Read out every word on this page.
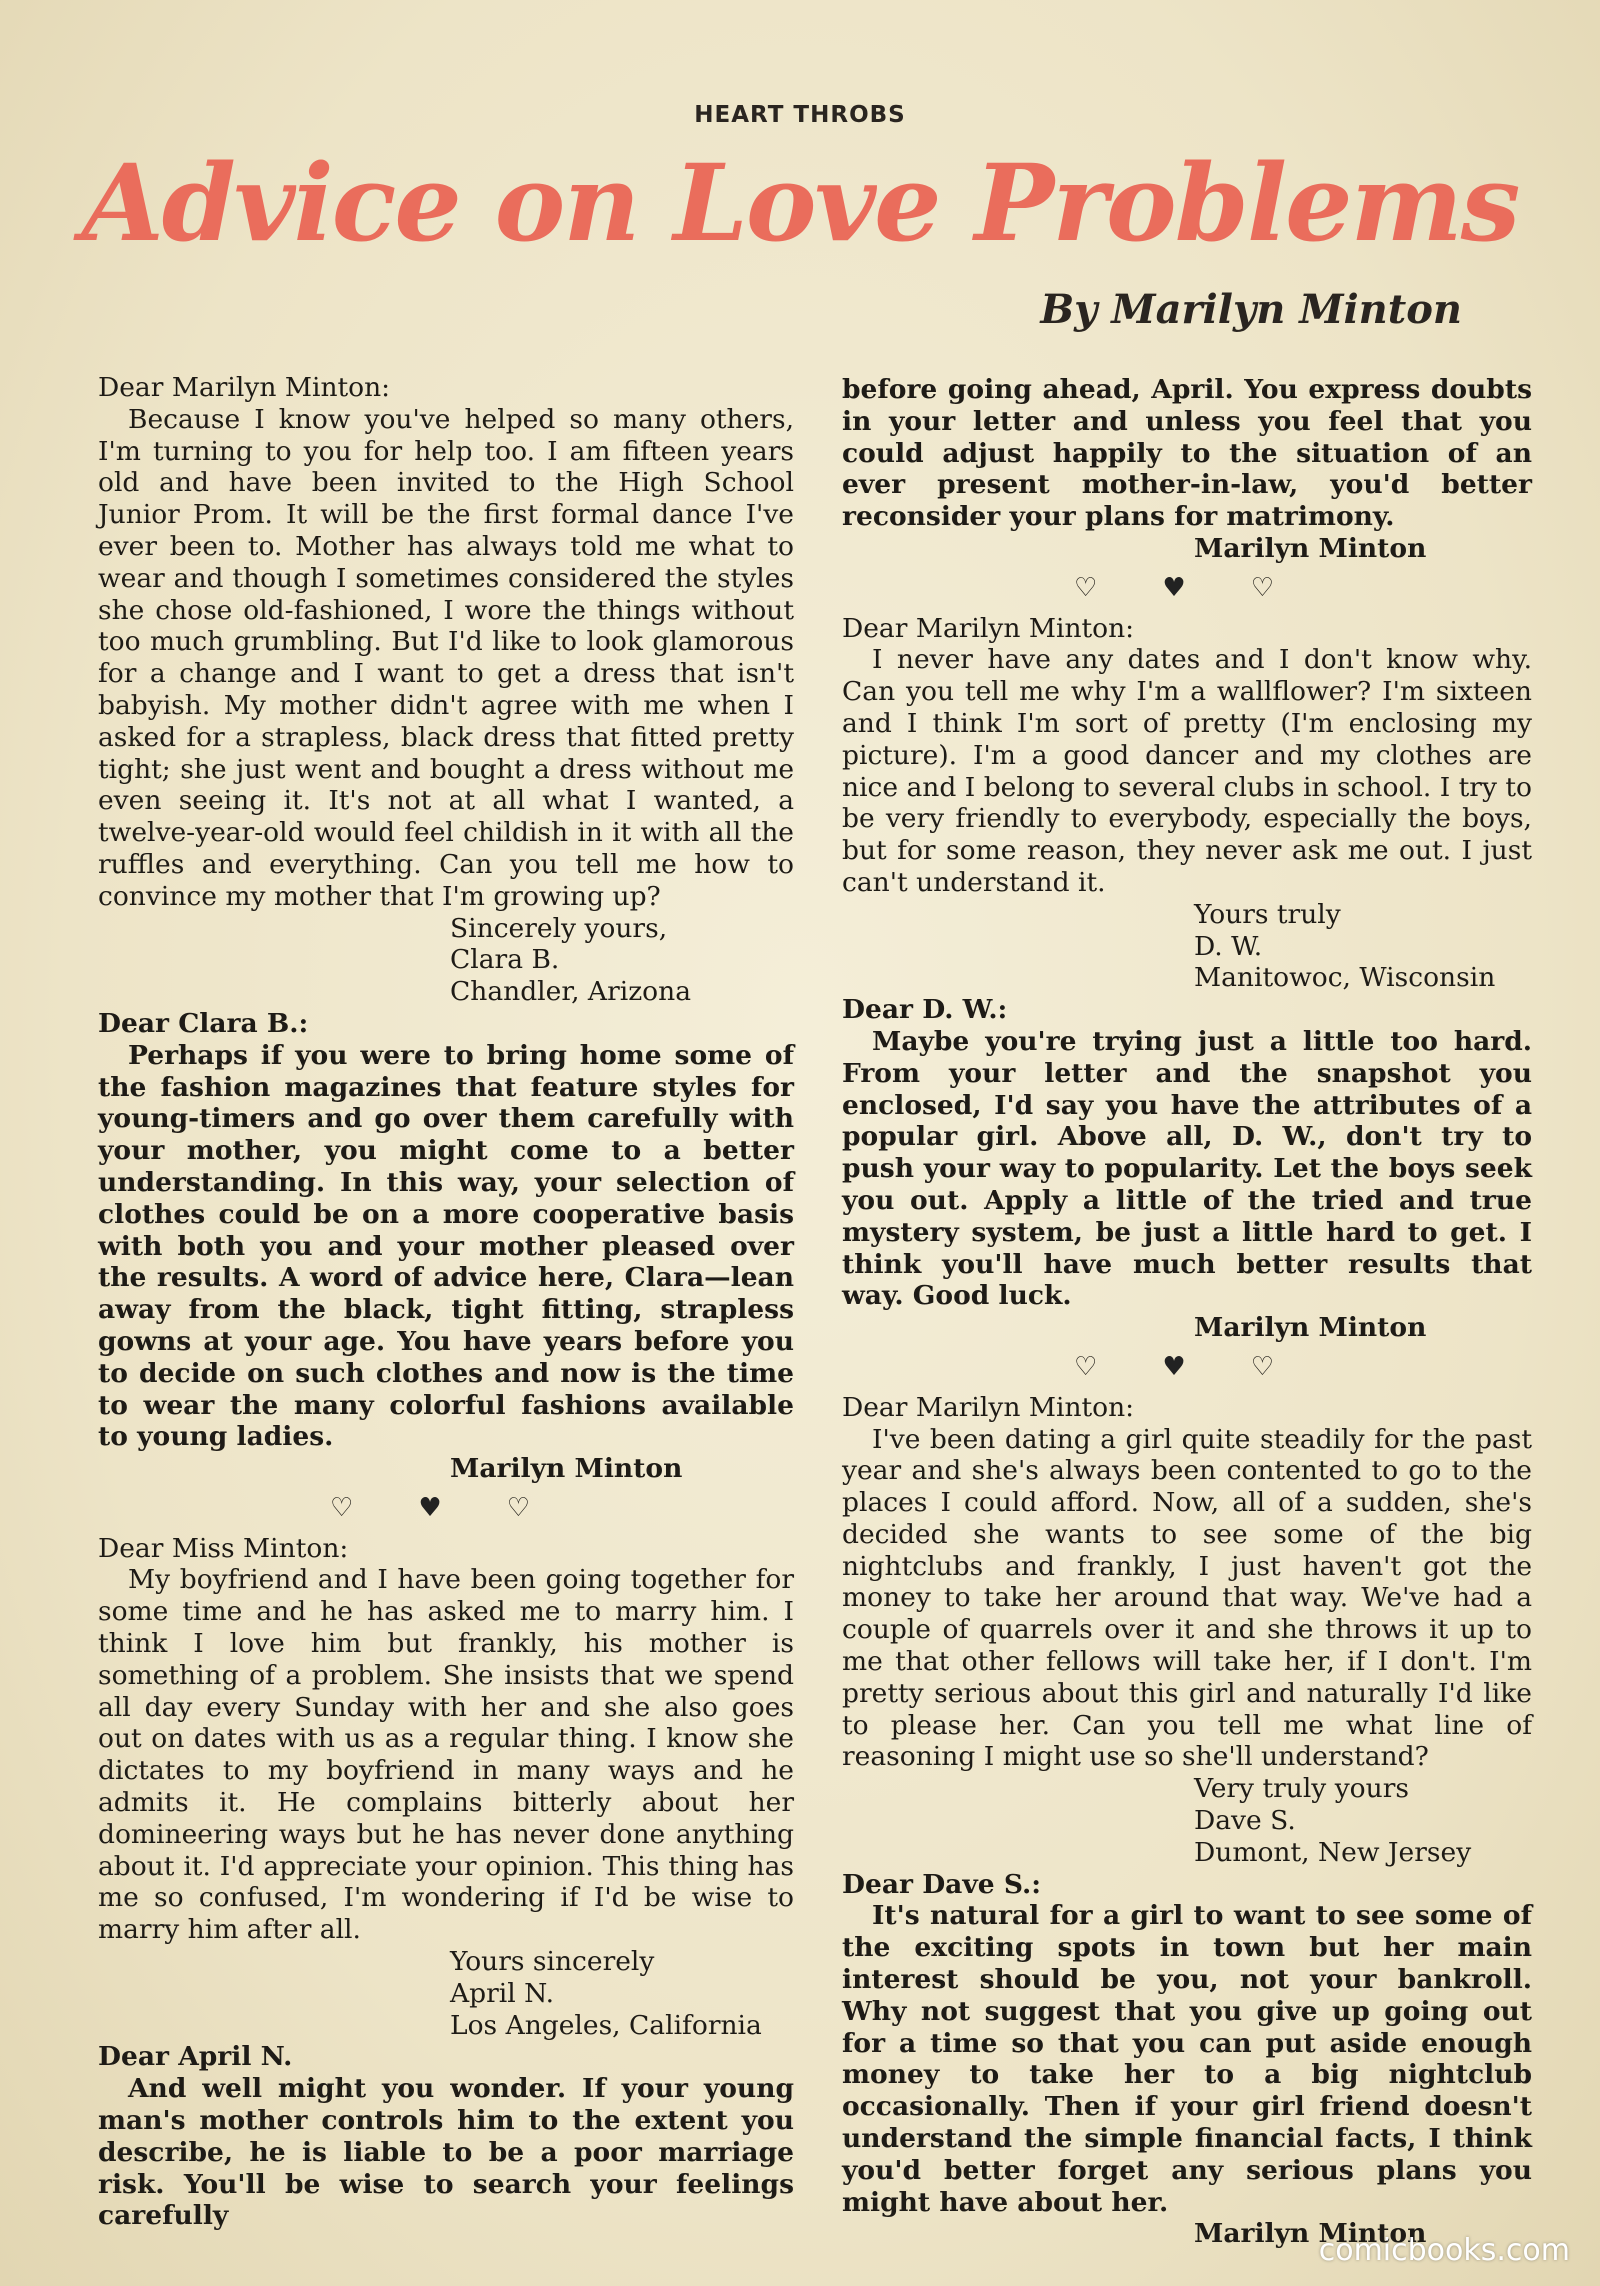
HEART THROBS
Advice on Love Problems
By Marilyn Minton

Dear Marilyn Minton:

Because I know you've helped so many others, I'm turning to you for help too. I am fifteen years old and have been invited to the High School Junior Prom. It will be the first formal dance I've ever been to. Mother has always told me what to wear and though I sometimes considered the styles she chose old-fashioned, I wore the things without too much grumbling. But I'd like to look glamorous for a change and I want to get a dress that isn't babyish. My mother didn't agree with me when I asked for a strapless, black dress that fitted pretty tight; she just went and bought a dress without me even seeing it. It's not at all what I wanted, a twelve-year-old would feel childish in it with all the ruffles and everything. Can you tell me how to convince my mother that I'm growing up?

Sincerely yours,
Clara B.
Chandler, Arizona

Dear Clara B.:

Perhaps if you were to bring home some of the fashion magazines that feature styles for young-timers and go over them carefully with your mother, you might come to a better understanding. In this way, your selection of clothes could be on a more cooperative basis with both you and your mother pleased over the results. A word of advice here, Clara—lean away from the black, tight fitting, strapless gowns at your age. You have years before you to decide on such clothes and now is the time to wear the many colorful fashions available to young ladies.

Marilyn Minton
♡	♥	♡

Dear Miss Minton:

My boyfriend and I have been going together for some time and he has asked me to marry him. I think I love him but frankly, his mother is something of a problem. She insists that we spend all day every Sunday with her and she also goes out on dates with us as a regular thing. I know she dictates to my boyfriend in many ways and he admits it. He complains bitterly about her domineering ways but he has never done anything about it. I'd appreciate your opinion. This thing has me so confused, I'm wondering if I'd be wise to marry him after all.

Yours sincerely
April N.
Los Angeles, California

Dear April N.

And well might you wonder. If your young man's mother controls him to the extent you describe, he is liable to be a poor marriage risk. You'll be wise to search your feelings carefully

before going ahead, April. You express doubts in your letter and unless you feel that you could adjust happily to the situation of an ever present mother-in-law, you'd better reconsider your plans for matrimony.

Marilyn Minton
♡	♥	♡

Dear Marilyn Minton:

I never have any dates and I don't know why. Can you tell me why I'm a wallflower? I'm sixteen and I think I'm sort of pretty (I'm enclosing my picture). I'm a good dancer and my clothes are nice and I belong to several clubs in school. I try to be very friendly to everybody, especially the boys, but for some reason, they never ask me out. I just can't understand it.

Yours truly
D. W.
Manitowoc, Wisconsin

Dear D. W.:

Maybe you're trying just a little too hard. From your letter and the snapshot you enclosed, I'd say you have the attributes of a popular girl. Above all, D. W., don't try to push your way to popularity. Let the boys seek you out. Apply a little of the tried and true mystery system, be just a little hard to get. I think you'll have much better results that way. Good luck.

Marilyn Minton
♡	♥	♡

Dear Marilyn Minton:

I've been dating a girl quite steadily for the past year and she's always been contented to go to the places I could afford. Now, all of a sudden, she's decided she wants to see some of the big nightclubs and frankly, I just haven't got the money to take her around that way. We've had a couple of quarrels over it and she throws it up to me that other fellows will take her, if I don't. I'm pretty serious about this girl and naturally I'd like to please her. Can you tell me what line of reasoning I might use so she'll understand?

Very truly yours
Dave S.
Dumont, New Jersey

Dear Dave S.:

It's natural for a girl to want to see some of the exciting spots in town but her main interest should be you, not your bankroll. Why not suggest that you give up going out for a time so that you can put aside enough money to take her to a big nightclub occasionally. Then if your girl friend doesn't understand the simple financial facts, I think you'd better forget any serious plans you might have about her.

Marilyn Minton
comicbooks.com
